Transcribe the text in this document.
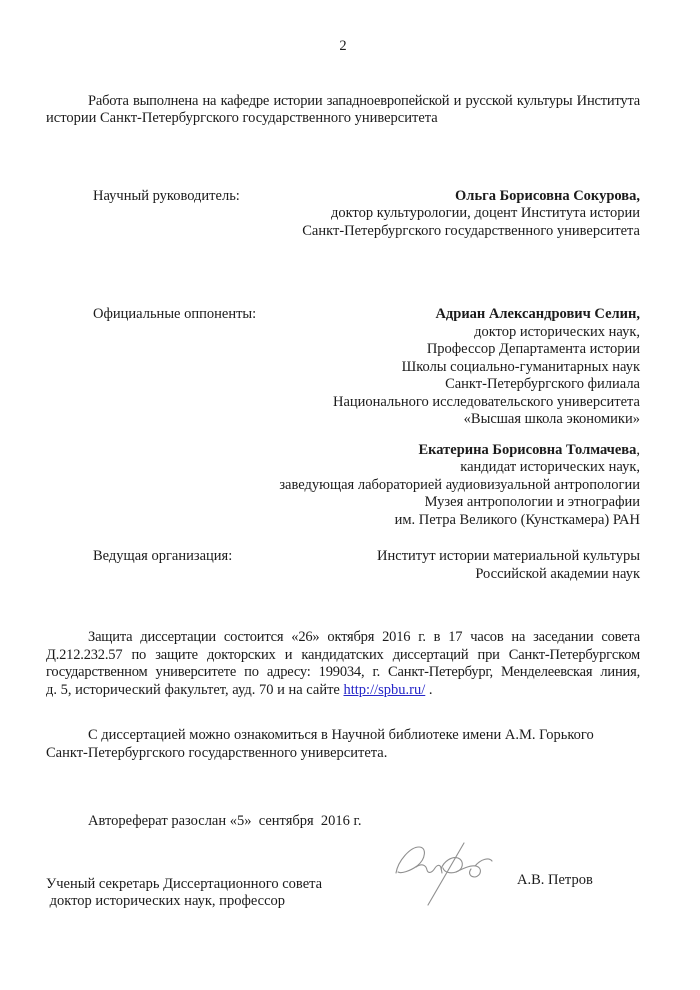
2
Работа выполнена на кафедре истории западноевропейской и русской культуры Института
истории Санкт-Петербургского государственного университета
Научный руководитель:	Ольга Борисовна Сокурова,
доктор культурологии, доцент Института истории
Санкт-Петербургского государственного университета
Официальные оппоненты:	Адриан Александрович Селин,
доктор исторических наук,
Профессор Департамента истории
Школы социально-гуманитарных наук
Санкт-Петербургского филиала
Национального исследовательского университета
«Высшая школа экономики»
Екатерина Борисовна Толмачева,
кандидат исторических наук,
заведующая лабораторией аудиовизуальной антропологии
Музея антропологии и этнографии
им. Петра Великого (Кунсткамера) РАН
Ведущая организация:	Институт истории материальной культуры
Российской академии наук
Защита диссертации состоится «26» октября 2016 г. в 17 часов на заседании совета
Д.212.232.57 по защите докторских и кандидатских диссертаций при Санкт-Петербургском
государственном университете по адресу: 199034, г. Санкт-Петербург, Менделеевская линия,
д. 5, исторический факультет, ауд. 70 и на сайте http://spbu.ru/ .
С диссертацией можно ознакомиться в Научной библиотеке имени А.М. Горького
Санкт-Петербургского государственного университета.
Автореферат разослан «5»  сентября  2016 г.
Ученый секретарь Диссертационного совета
доктор исторических наук, профессор
А.В. Петров
